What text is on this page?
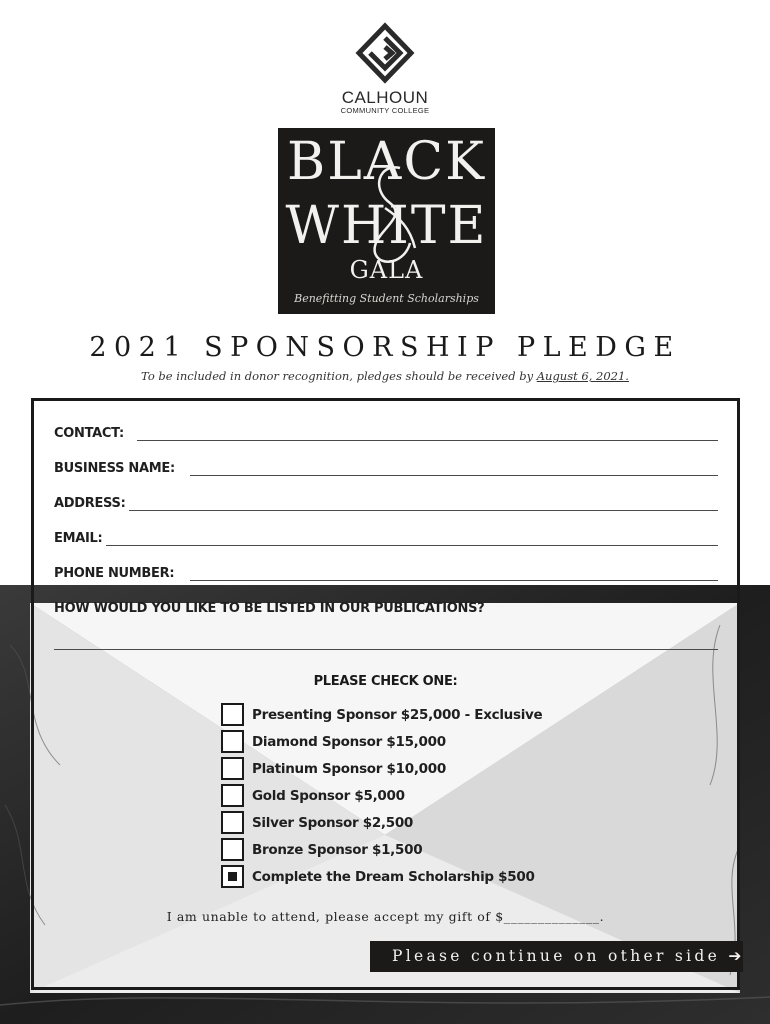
CALHOUN
COMMUNITY COLLEGE
BLACK
WHITE
GALA
Benefitting Student Scholarships
2021 SPONSORSHIP PLEDGE
To be included in donor recognition, pledges should be received by August 6, 2021.
CONTACT:
BUSINESS NAME:
ADDRESS:
EMAIL:
PHONE NUMBER:
HOW WOULD YOU LIKE TO BE LISTED IN OUR PUBLICATIONS?
PLEASE CHECK ONE:
Presenting Sponsor $25,000 - Exclusive
Diamond Sponsor $15,000
Platinum Sponsor $10,000
Gold Sponsor $5,000
Silver Sponsor $2,500
Bronze Sponsor $1,500
Complete the Dream Scholarship $500
I am unable to attend, please accept my gift of $______________.
Please continue on other side ➔
